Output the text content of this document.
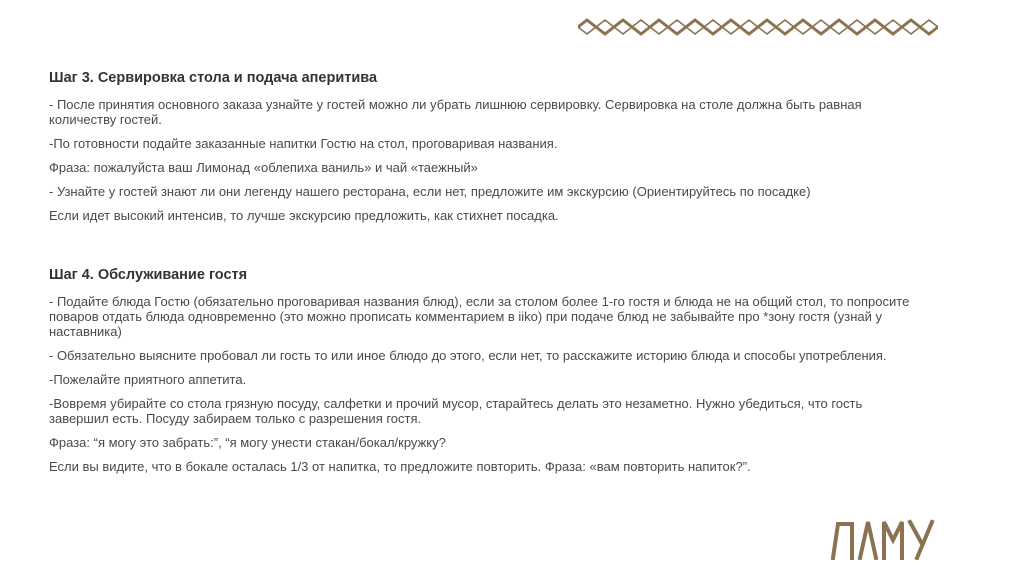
Шаг 3. Сервировка стола и подача аперитива
- После принятия основного заказа узнайте у гостей можно ли убрать лишнюю сервировку. Сервировка на столе должна быть равная количеству гостей.
-По готовности подайте заказанные напитки Гостю на стол, проговаривая названия.
Фраза: пожалуйста ваш Лимонад «облепиха ваниль» и чай «таежный»
- Узнайте у гостей знают ли они легенду нашего ресторана, если нет, предложите им экскурсию (Ориентируйтесь по посадке)
Если идет высокий интенсив, то лучше экскурсию предложить, как стихнет посадка.
Шаг 4. Обслуживание гостя
- Подайте блюда Гостю (обязательно проговаривая названия блюд), если за столом более 1-го гостя и блюда не на общий стол, то попросите поваров отдать блюда одновременно (это можно прописать комментарием в iiko) при подаче блюд не забывайте про *зону гостя (узнай у наставника)
- Обязательно выясните пробовал ли гость то или иное блюдо до этого, если нет, то расскажите историю блюда и способы употребления.
-Пожелайте приятного аппетита.
-Вовремя убирайте со стола грязную посуду, салфетки и прочий мусор, старайтесь делать это незаметно. Нужно убедиться, что гость завершил есть. Посуду забираем только с разрешения гостя.
Фраза: “я могу это забрать:”, “я могу унести стакан/бокал/кружку?
Если вы видите, что в бокале осталась 1/3 от напитка, то предложите повторить. Фраза: «вам повторить напиток?”.
